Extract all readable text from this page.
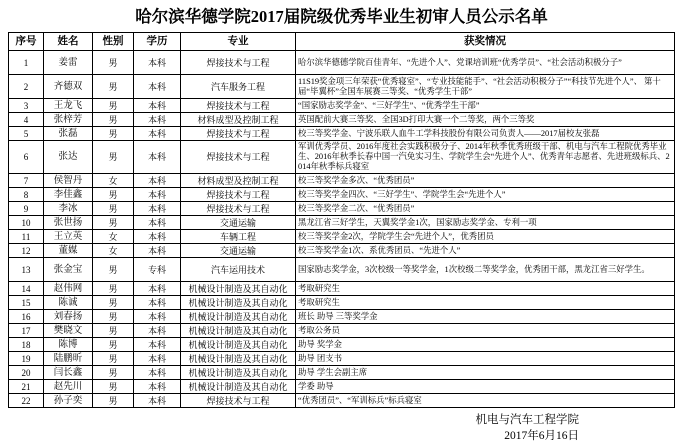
哈尔滨华德学院2017届院级优秀毕业生初审人员公示名单
序号	姓名	性别	学历	专业	获奖情况
1	姜雷	男	本科	焊接技术与工程	哈尔滨华德德学院百佳青年、“先进个人”、党课培训班“优秀学员”、“社会活动积极分子”
2	齐德双	男	本科	汽车服务工程	11S19奖金项三年荣获“优秀寝室”、“专业技能能手”、“社会活动积极分子”“科技节先进个人”、 第十届“毕翼杯”全国车展赛三等奖、“优秀学生干部”
3	王龙飞	男	本科	焊接技术与工程	“国家励志奖学金”、“三好学生”、“优秀学生干部”
4	张梓芳	男	本科	材料成型及控制工程	英国配前大赛三等奖、全国3D打印大赛一个二等奖，两个三等奖
5	张磊	男	本科	焊接技术与工程	校三等奖学金、宁波乐联人血牛工学科技股份有限公司负责人——2017届校友张磊
6	张达	男	本科	焊接技术与工程	军训优秀学员、2016年度社会实践积极分子、2014年秋季优秀班级干部、机电与汽车工程院优秀毕业生、2016年秋季长春中国一汽免实习生、学院学生会“先进个人”、优秀青年志愿者、先进班级标兵、2014年秋季标兵寝室
7	侯智丹	女	本科	材料成型及控制工程	校三等奖学金多次、“优秀团员”
8	李佳鑫	男	本科	焊接技术与工程	校三等奖学金四次、“三好学生”、学院学生会“先进个人”
9	李冰	男	本科	焊接技术与工程	校三等奖学金二次、“优秀团员”
10	张世扬	男	本科	交通运输	黑龙江省三好学生，天翼奖学金1次，国家励志奖学金、专利一项
11	王立英	女	本科	车辆工程	校三等奖学金2次，学院学生会“先进个人”，优秀团员
12	董媒	女	本科	交通运输	校三等奖学金1次、系优秀团员、“先进个人”
13	张金宝	男	专科	汽车运用技术	国家励志奖学金，3次校级一等奖学金，1次校级二等奖学金，优秀团干部，黑龙江省三好学生。
14	赵伟网	男	本科	机械设计制造及其自动化	考取研究生
15	陈诚	男	本科	机械设计制造及其自动化	考取研究生
16	刘春扬	男	本科	机械设计制造及其自动化	班长 助导 三等奖学金
17	樊晓文	男	本科	机械设计制造及其自动化	考取公务员
18	陈博	男	本科	机械设计制造及其自动化	助导 奖学金
19	陆鹏昕	男	本科	机械设计制造及其自动化	助导 团支书
20	闫长鑫	男	本科	机械设计制造及其自动化	助导 学生会副主席
21	赵先川	男	本科	机械设计制造及其自动化	学委 助导
22	孙子奕	男	本科	焊接技术与工程	“优秀团员”、“军训标兵”标兵寝室
机电与汽车工程学院
2017年6月16日
